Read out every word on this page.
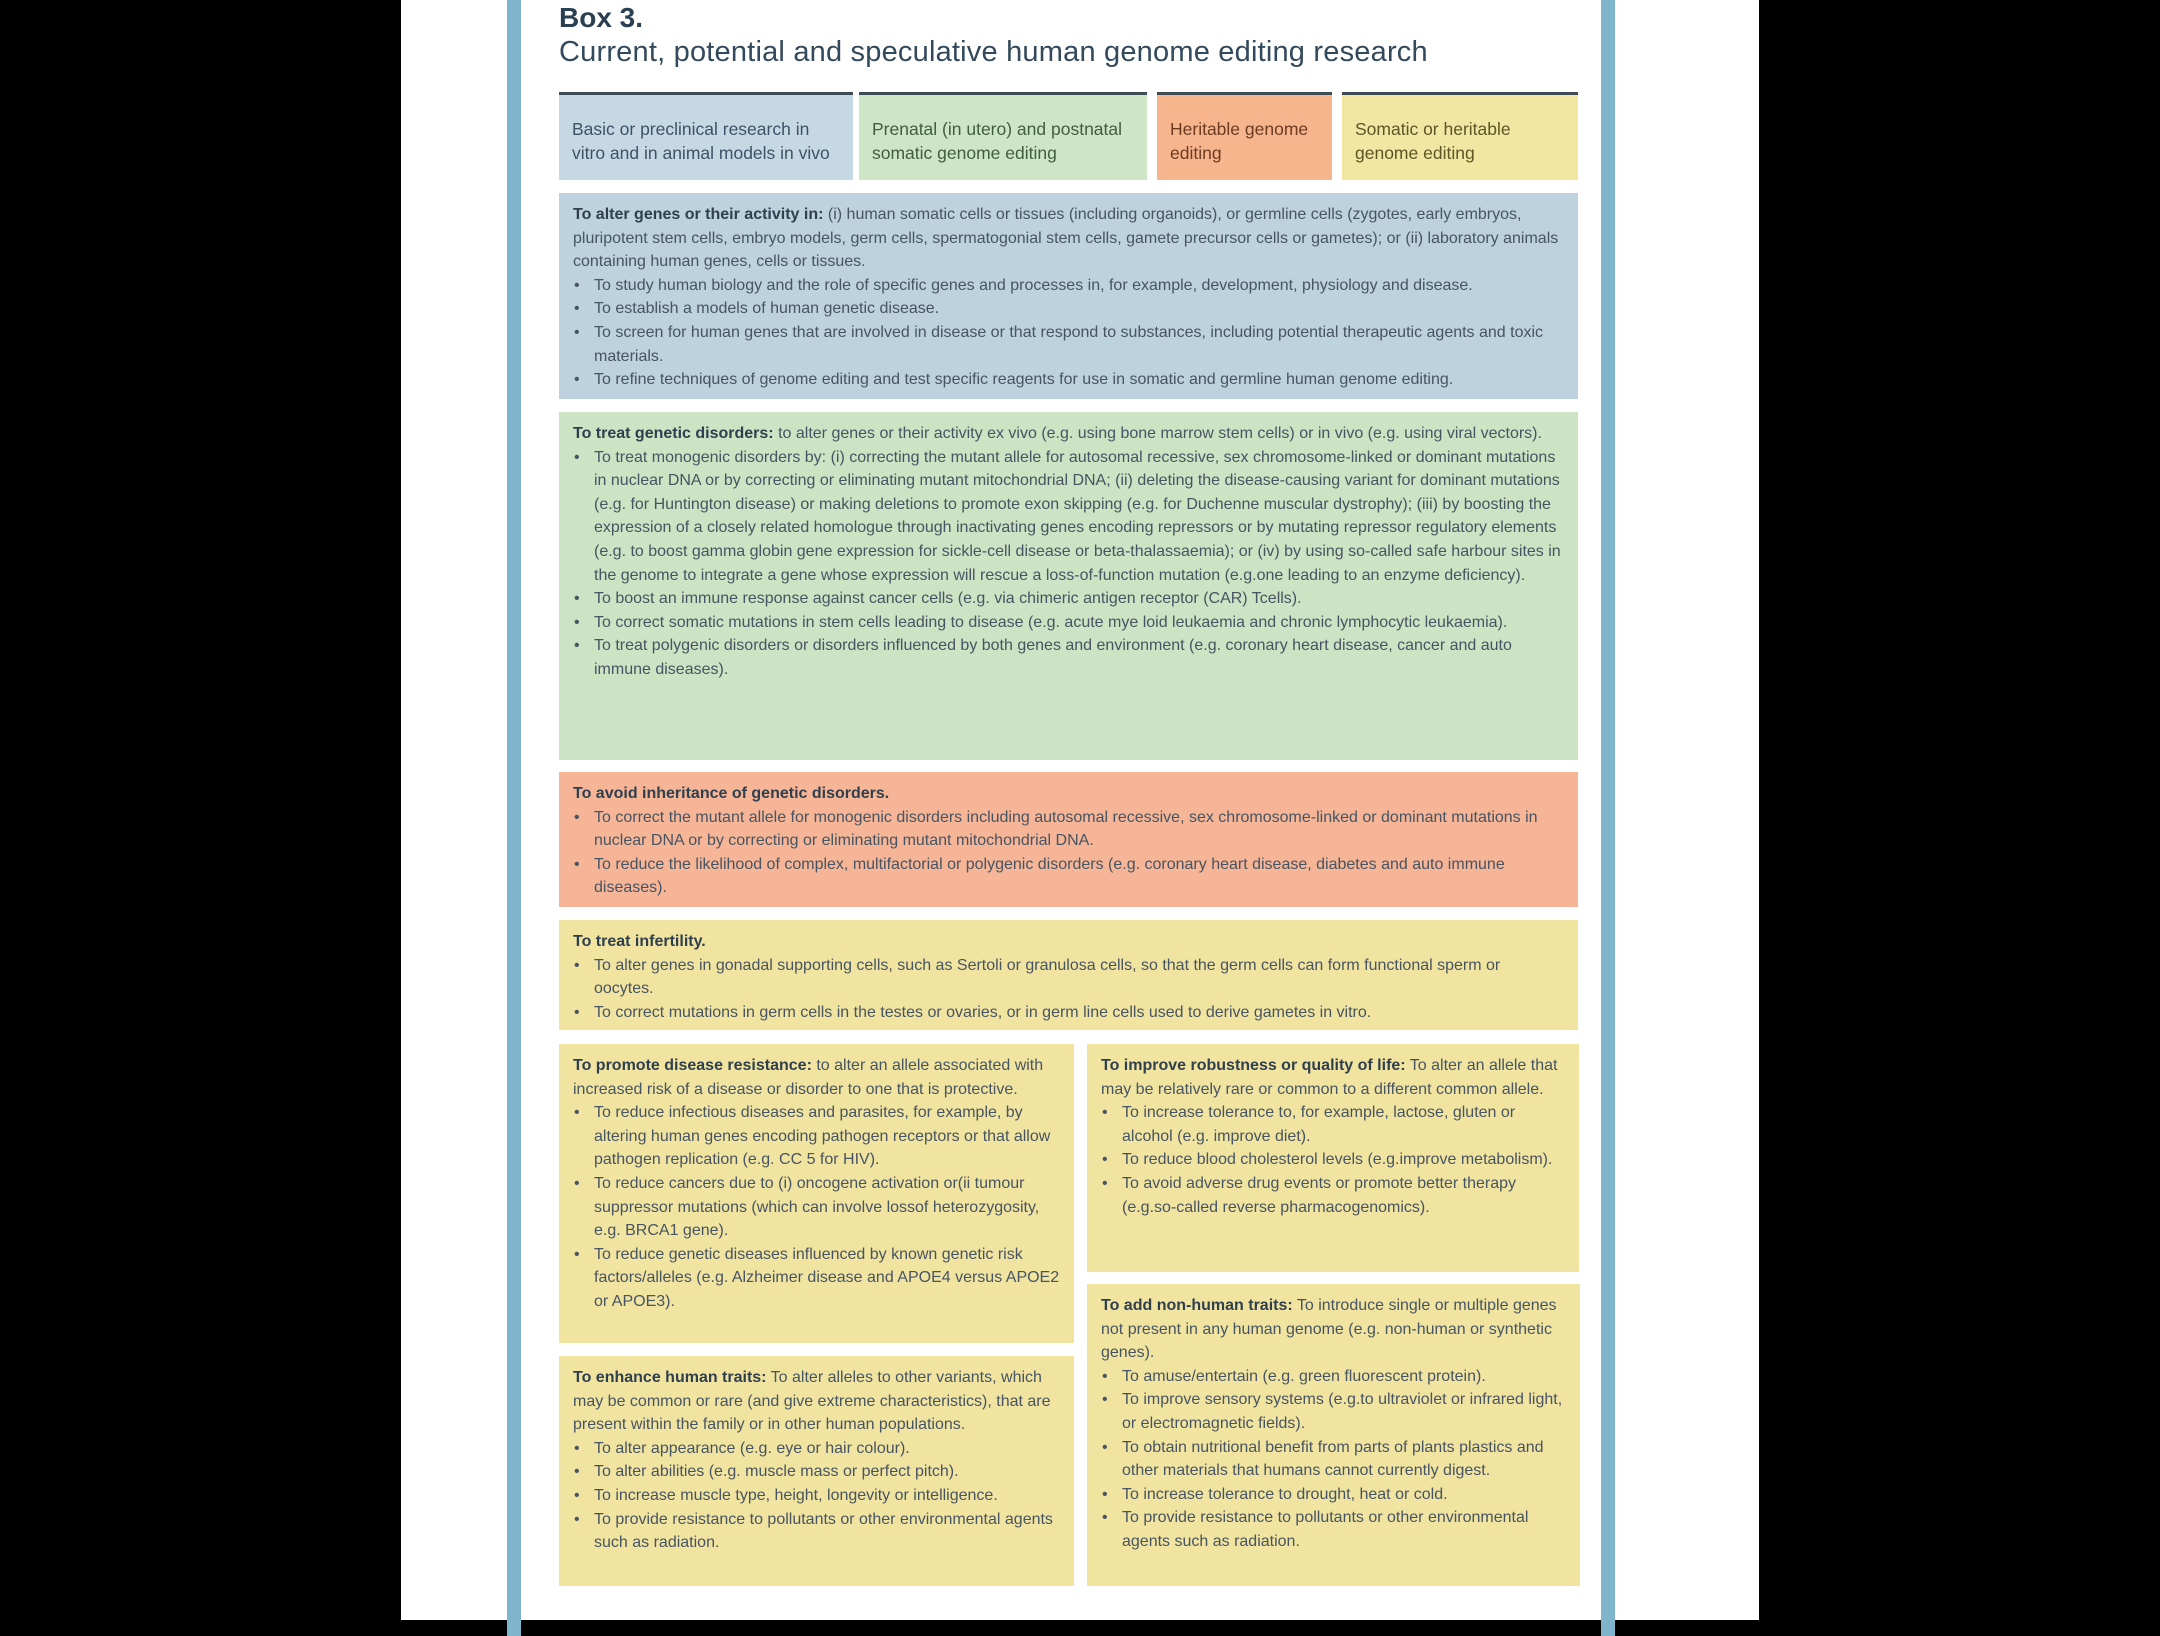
Box 3.
Current, potential and speculative human genome editing research
Basic or preclinical research in vitro and in animal models in vivo
Prenatal (in utero) and postnatal somatic genome editing
Heritable genome editing
Somatic or heritable genome editing

To alter genes or their activity in: (i) human somatic cells or tissues (including organoids), or germline cells (zygotes, early embryos, pluripotent stem cells, embryo models, germ cells, spermatogonial stem cells, gamete precursor cells or gametes); or (ii) laboratory animals containing human genes, cells or tissues.

• To study human biology and the role of specific genes and processes in, for example, development, physiology and disease.
• To establish a models of human genetic disease.
• To screen for human genes that are involved in disease or that respond to substances, including potential therapeutic agents and toxic materials.
• To refine techniques of genome editing and test specific reagents for use in somatic and germline human genome editing.

To treat genetic disorders: to alter genes or their activity ex vivo (e.g. using bone marrow stem cells) or in vivo (e.g. using viral vectors).

• To treat monogenic disorders by: (i) correcting the mutant allele for autosomal recessive, sex chromosome-linked or dominant mutations in nuclear DNA or by correcting or eliminating mutant mitochondrial DNA; (ii) deleting the disease-causing variant for dominant mutations (e.g. for Huntington disease) or making deletions to promote exon skipping (e.g. for Duchenne muscular dystrophy); (iii) by boosting the expression of a closely related homologue through inactivating genes encoding repressors or by mutating repressor regulatory elements (e.g. to boost gamma globin gene expression for sickle-cell disease or beta-thalassaemia); or (iv) by using so-called safe harbour sites in the genome to integrate a gene whose expression will rescue a loss-of-function mutation (e.g.one leading to an enzyme deficiency).
• To boost an immune response against cancer cells (e.g. via chimeric antigen receptor (CAR) Tcells).
• To correct somatic mutations in stem cells leading to disease (e.g. acute mye loid leukaemia and chronic lymphocytic leukaemia).
• To treat polygenic disorders or disorders influenced by both genes and environment (e.g. coronary heart disease, cancer and auto immune diseases).

To avoid inheritance of genetic disorders.

• To correct the mutant allele for monogenic disorders including autosomal recessive, sex chromosome-linked or dominant mutations in nuclear DNA or by correcting or eliminating mutant mitochondrial DNA.
• To reduce the likelihood of complex, multifactorial or polygenic disorders (e.g. coronary heart disease, diabetes and auto immune diseases).

To treat infertility.

• To alter genes in gonadal supporting cells, such as Sertoli or granulosa cells, so that the germ cells can form functional sperm or oocytes.
• To correct mutations in germ cells in the testes or ovaries, or in germ line cells used to derive gametes in vitro.

To promote disease resistance: to alter an allele associated with increased risk of a disease or disorder to one that is protective.

• To reduce infectious diseases and parasites, for example, by altering human genes encoding pathogen receptors or that allow pathogen replication (e.g. CC 5 for HIV).
• To reduce cancers due to (i) oncogene activation or(ii tumour suppressor mutations (which can involve lossof heterozygosity, e.g. BRCA1 gene).
• To reduce genetic diseases influenced by known genetic risk factors/alleles (e.g. Alzheimer disease and APOE4 versus APOE2 or APOE3).

To improve robustness or quality of life: To alter an allele that may be relatively rare or common to a different common allele.

• To increase tolerance to, for example, lactose, gluten or alcohol (e.g. improve diet).
• To reduce blood cholesterol levels (e.g.improve metabolism).
• To avoid adverse drug events or promote better therapy (e.g.so-called reverse pharmacogenomics).

To add non-human traits: To introduce single or multiple genes not present in any human genome (e.g. non-human or synthetic genes).

• To amuse/entertain (e.g. green fluorescent protein).
• To improve sensory systems (e.g.to ultraviolet or infrared light, or electromagnetic fields).
• To obtain nutritional benefit from parts of plants plastics and other materials that humans cannot currently digest.
• To increase tolerance to drought, heat or cold.
• To provide resistance to pollutants or other environmental agents such as radiation.

To enhance human traits: To alter alleles to other variants, which may be common or rare (and give extreme characteristics), that are present within the family or in other human populations.

• To alter appearance (e.g. eye or hair colour).
• To alter abilities (e.g. muscle mass or perfect pitch).
• To increase muscle type, height, longevity or intelligence.
• To provide resistance to pollutants or other environmental agents such as radiation.
